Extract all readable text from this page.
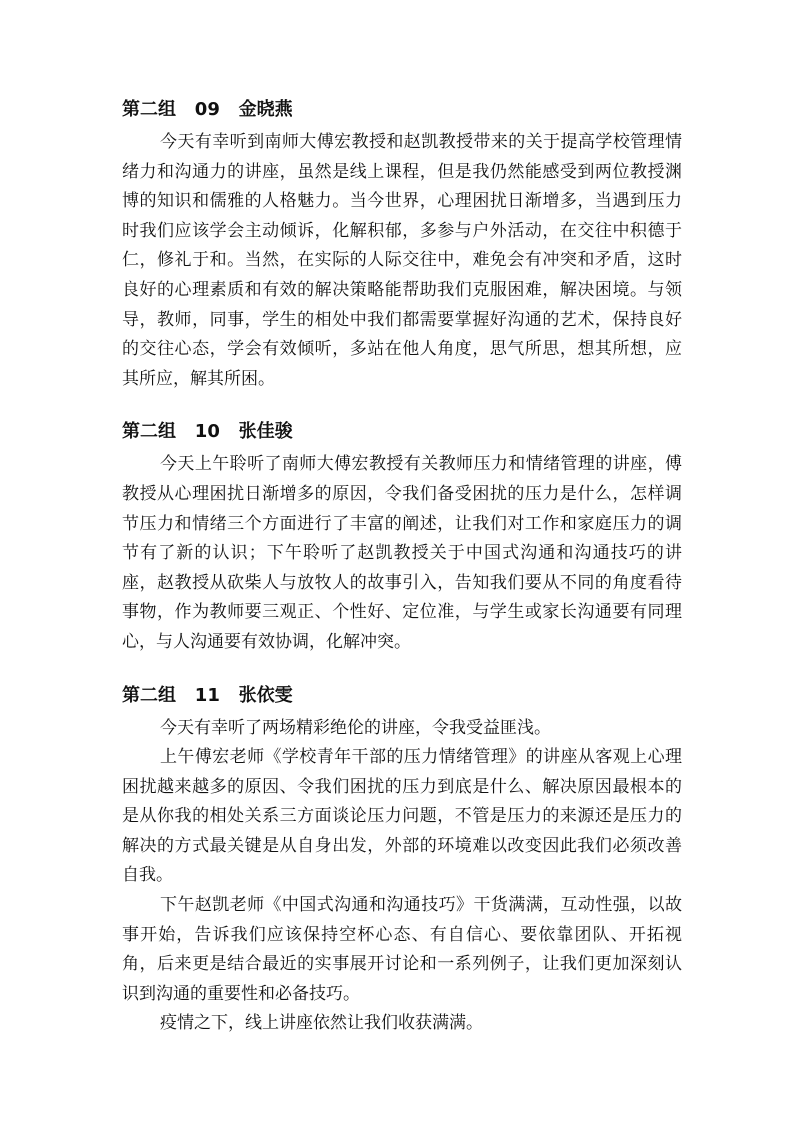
第二组   09   金晓燕

今天有幸听到南师大傅宏教授和赵凯教授带来的关于提高学校管理情绪力和沟通力的讲座，虽然是线上课程，但是我仍然能感受到两位教授渊博的知识和儒雅的人格魅力。当今世界，心理困扰日渐增多，当遇到压力时我们应该学会主动倾诉，化解积郁，多参与户外活动，在交往中积德于仁，修礼于和。当然，在实际的人际交往中，难免会有冲突和矛盾，这时良好的心理素质和有效的解决策略能帮助我们克服困难，解决困境。与领导，教师，同事，学生的相处中我们都需要掌握好沟通的艺术，保持良好的交往心态，学会有效倾听，多站在他人角度，思气所思，想其所想，应其所应，解其所困。

第二组   10   张佳骏

今天上午聆听了南师大傅宏教授有关教师压力和情绪管理的讲座，傅教授从心理困扰日渐增多的原因，令我们备受困扰的压力是什么，怎样调节压力和情绪三个方面进行了丰富的阐述，让我们对工作和家庭压力的调节有了新的认识；下午聆听了赵凯教授关于中国式沟通和沟通技巧的讲座，赵教授从砍柴人与放牧人的故事引入，告知我们要从不同的角度看待事物，作为教师要三观正、个性好、定位准，与学生或家长沟通要有同理心，与人沟通要有效协调，化解冲突。

第二组   11   张依雯

今天有幸听了两场精彩绝伦的讲座，令我受益匪浅。

上午傅宏老师《学校青年干部的压力情绪管理》的讲座从客观上心理困扰越来越多的原因、令我们困扰的压力到底是什么、解决原因最根本的是从你我的相处关系三方面谈论压力问题，不管是压力的来源还是压力的解决的方式最关键是从自身出发，外部的环境难以改变因此我们必须改善自我。

下午赵凯老师《中国式沟通和沟通技巧》干货满满，互动性强，以故事开始，告诉我们应该保持空杯心态、有自信心、要依靠团队、开拓视角，后来更是结合最近的实事展开讨论和一系列例子，让我们更加深刻认识到沟通的重要性和必备技巧。

疫情之下，线上讲座依然让我们收获满满。
